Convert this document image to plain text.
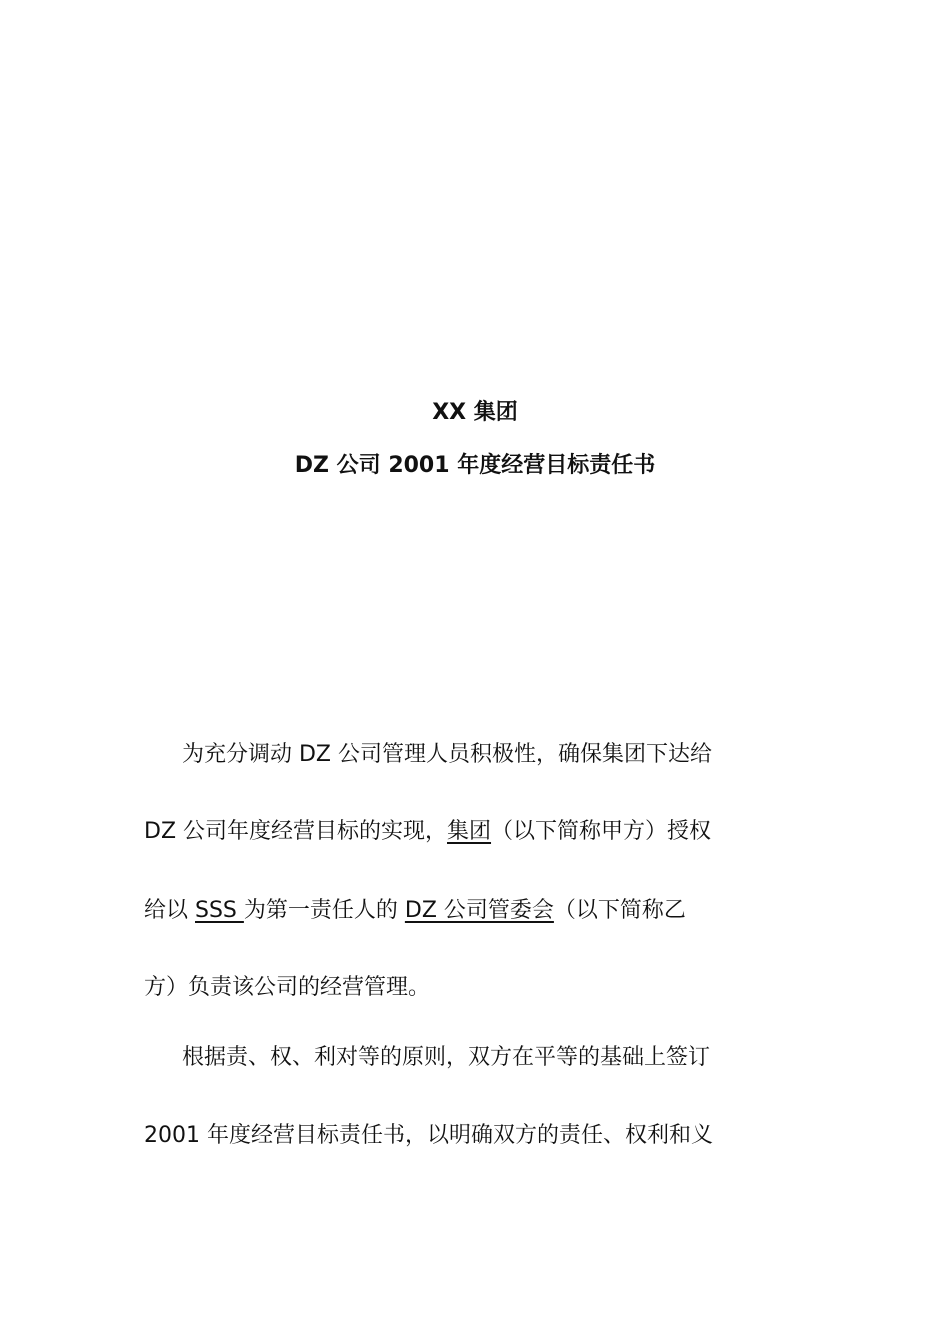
XX 集团
DZ 公司 2001 年度经营目标责任书

为充分调动 DZ 公司管理人员积极性，确保集团下达给

DZ 公司年度经营目标的实现，集团（以下简称甲方）授权

给以 SSS 为第一责任人的 DZ 公司管委会（以下简称乙

方）负责该公司的经营管理。

根据责、权、利对等的原则，双方在平等的基础上签订

2001 年度经营目标责任书，以明确双方的责任、权利和义
